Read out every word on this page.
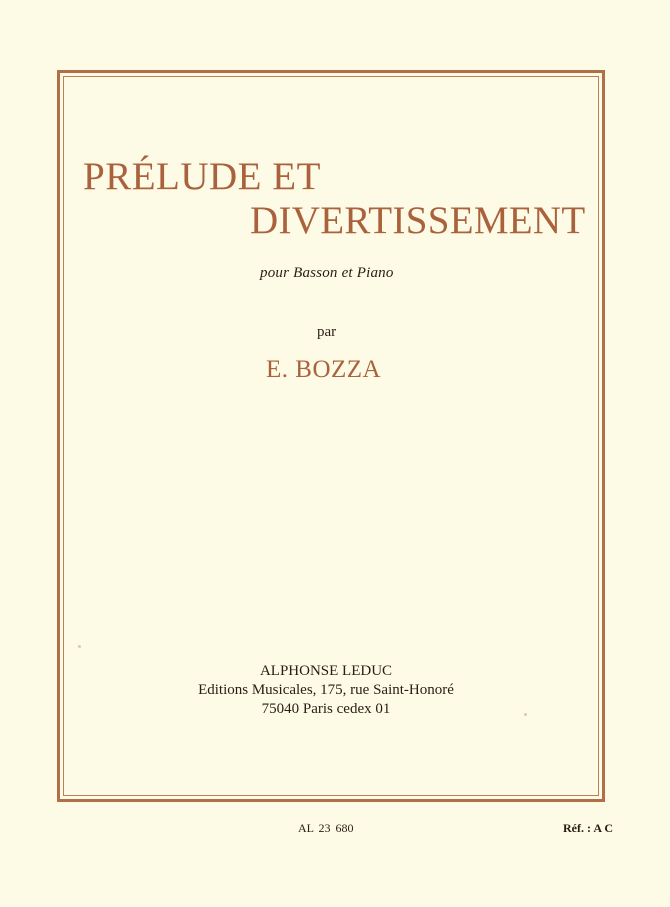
PRÉLUDE ET
DIVERTISSEMENT
pour Basson et Piano
par
E. BOZZA
ALPHONSE LEDUC
Editions Musicales, 175, rue Saint-Honoré
75040 Paris cedex 01
AL 23 680	Réf. : A C
